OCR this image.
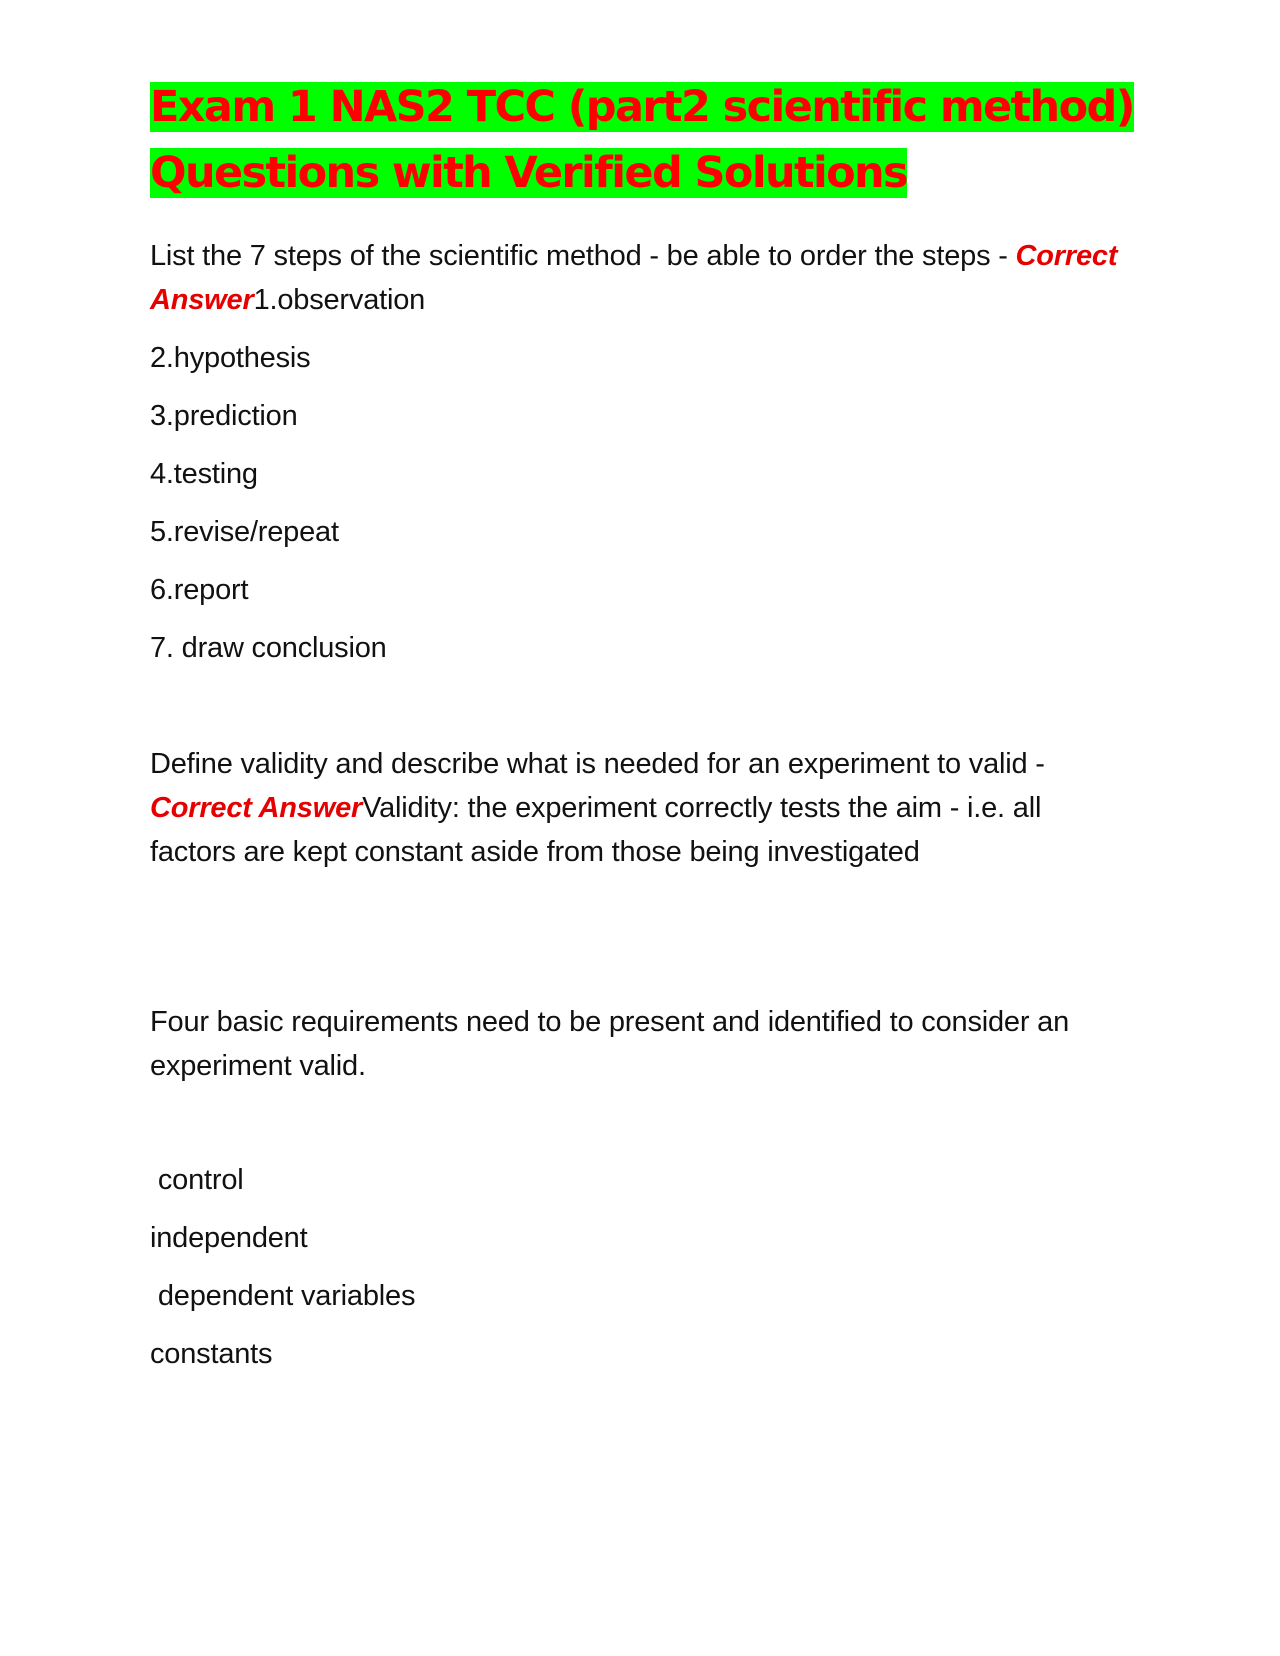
Exam 1 NAS2 TCC (part2 scientific method)
Questions with Verified Solutions

List the 7 steps of the scientific method - be able to order the steps - Correct Answer1.observation

2.hypothesis

3.prediction

4.testing

5.revise/repeat

6.report

7. draw conclusion

Define validity and describe what is needed for an experiment to valid - Correct AnswerValidity: the experiment correctly tests the aim - i.e. all factors are kept constant aside from those being investigated

Four basic requirements need to be present and identified to consider an experiment valid.

control

independent

dependent variables

constants
